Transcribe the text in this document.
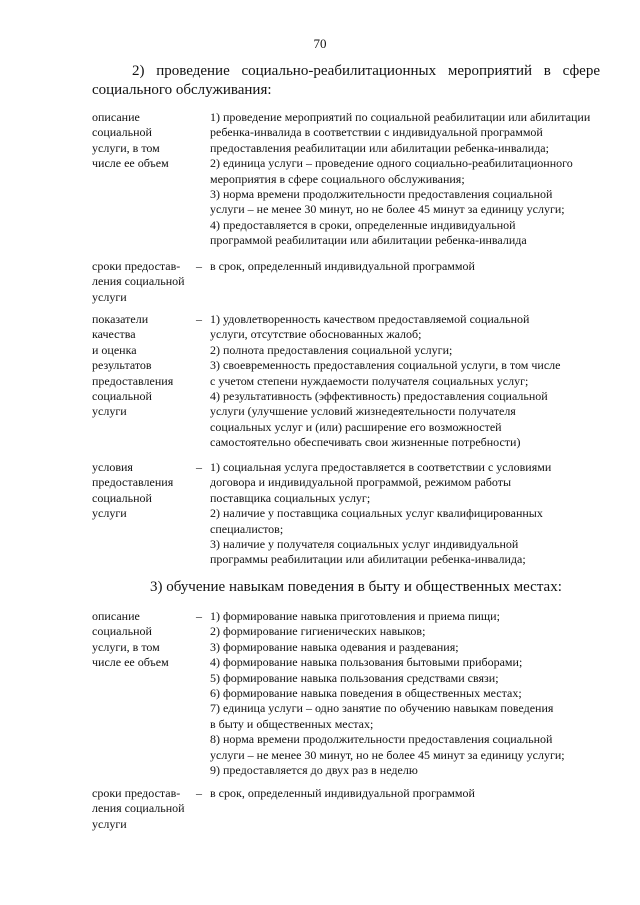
70
2) проведение социально-реабилитационных мероприятий в сфере
социального обслуживания:
описание
социальной
услуги, в том
числе ее объем
1) проведение мероприятий по социальной реабилитации или абилитации
ребенка-инвалида в соответствии с индивидуальной программой
предоставления реабилитации или абилитации ребенка-инвалида;
2) единица услуги – проведение одного социально-реабилитационного
мероприятия в сфере социального обслуживания;
3) норма времени продолжительности предоставления социальной
услуги – не менее 30 минут, но не более 45 минут за единицу услуги;
4) предоставляется в сроки, определенные индивидуальной
программой реабилитации или абилитации ребенка-инвалида
сроки предостав-
ления социальной
услуги
– в срок, определенный индивидуальной программой
показатели
качества
и оценка
результатов
предоставления
социальной
услуги
– 1) удовлетворенность качеством предоставляемой социальной
услуги, отсутствие обоснованных жалоб;
2) полнота предоставления социальной услуги;
3) своевременность предоставления социальной услуги, в том числе
с учетом степени нуждаемости получателя социальных услуг;
4) результативность (эффективность) предоставления социальной
услуги (улучшение условий жизнедеятельности получателя
социальных услуг и (или) расширение его возможностей
самостоятельно обеспечивать свои жизненные потребности)
условия
предоставления
социальной
услуги
– 1) социальная услуга предоставляется в соответствии с условиями
договора и индивидуальной программой, режимом работы
поставщика социальных услуг;
2) наличие у поставщика социальных услуг квалифицированных
специалистов;
3) наличие у получателя социальных услуг индивидуальной
программы реабилитации или абилитации ребенка-инвалида;
3) обучение навыкам поведения в быту и общественных местах:
описание
социальной
услуги, в том
числе ее объем
– 1) формирование навыка приготовления и приема пищи;
2) формирование гигиенических навыков;
3) формирование навыка одевания и раздевания;
4) формирование навыка пользования бытовыми приборами;
5) формирование навыка пользования средствами связи;
6) формирование навыка поведения в общественных местах;
7) единица услуги – одно занятие по обучению навыкам поведения
в быту и общественных местах;
8) норма времени продолжительности предоставления социальной
услуги – не менее 30 минут, но не более 45 минут за единицу услуги;
9) предоставляется до двух раз в неделю
сроки предостав-
ления социальной
услуги
– в срок, определенный индивидуальной программой
